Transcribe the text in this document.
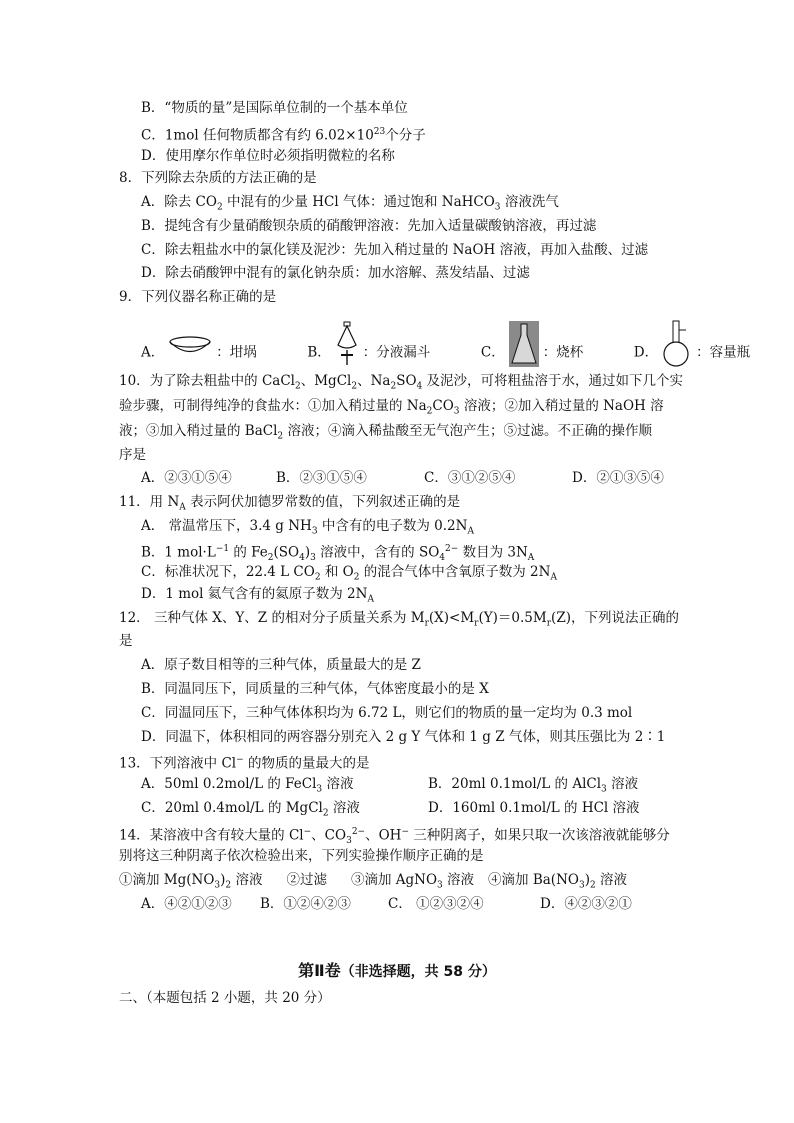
B．“物质的量”是国际单位制的一个基本单位
C．1mol 任何物质都含有约 $6.02\times 10^{23}$个分子
D．使用摩尔作单位时必须指明微粒的名称
8．下列除去杂质的方法正确的是
A．除去 $CO_2$ 中混有的少量 HCl 气体：通过饱和 NaHCO$_3$ 溶液洗气
B．提纯含有少量硝酸钡杂质的硝酸钾溶液：先加入适量碳酸钠溶液，再过滤
C．除去粗盐水中的氯化镁及泥沙：先加入稍过量的 NaOH 溶液，再加入盐酸、过滤
D．除去硝酸钾中混有的氯化钠杂质：加水溶解、蒸发结晶、过滤
9．下列仪器名称正确的是
A．	：坩埚	B． ：分液漏斗	C．	：烧杯	D．	：容量瓶
10．为了除去粗盐中的 CaCl$_2$、MgCl$_2$、$Na_2SO_4$ 及泥沙，可将粗盐溶于水，通过如下几个实
验步骤，可制得纯净的食盐水：①加入稍过量的 $Na_2CO_3$ 溶液；②加入稍过量的 NaOH 溶
液；③加入稍过量的 BaCl$_2$ 溶液；④滴入稀盐酸至无气泡产生；⑤过滤。不正确的操作顺
序是
A．②③①⑤④	B．②③①⑤④	C．③①②⑤④	D．②①③⑤④
11．用 $N_A$ 表示阿伏加德罗常数的值，下列叙述正确的是
A． 常温常压下，3.4 g $NH_3$ 中含有的电子数为 $0.2N_A$
B．1 $mol\cdot L^{-1}$ 的 $Fe_2(SO_4)_3$ 溶液中，含有的 $SO_4^{2-}$ 数目为 $3N_A$
C．标准状况下，22.4 L $CO_2$ 和 $O_2$ 的混合气体中含氧原子数为 $2N_A$
D．1 mol 氦气含有的氦原子数为 $2N_A$
12． 三种气体 X、Y、Z 的相对分子质量关系为 $M_r(X)<M_r(Y)=0.5M_r(Z)$，下列说法正确的
是
A．原子数目相等的三种气体，质量最大的是 Z
B．同温同压下，同质量的三种气体，气体密度最小的是 X
C．同温同压下，三种气体体积均为 6.72 L，则它们的物质的量一定均为 0.3 mol
D．同温下，体积相同的两容器分别充入 2 g Y 气体和 1 g Z 气体，则其压强比为 2∶1
13．下列溶液中 Cl− 的物质的量最大的是
A．50ml 0.2mol/L 的 FeCl$_3$ 溶液	B．20ml 0.1mol/L 的 AlCl$_3$ 溶液
C．20ml 0.4mol/L 的 MgCl$_2$ 溶液	D．160ml 0.1mol/L 的 HCl 溶液
14．某溶液中含有较大量的 Cl−、$CO_3^{2-}$、OH− 三种阴离子，如果只取一次该溶液就能够分
别将这三种阴离子依次检验出来，下列实验操作顺序正确的是
①滴加 $Mg(NO_3)_2$ 溶液 ②过滤 ③滴加 AgNO$_3$ 溶液 ④滴加 $Ba(NO_3)_2$ 溶液
A．④②①②③ B．①②④②③	C． ①②③②④	D．④②③②①
第Ⅱ卷（非选择题，共 58 分）
二、（本题包括 2 小题，共 20 分）
